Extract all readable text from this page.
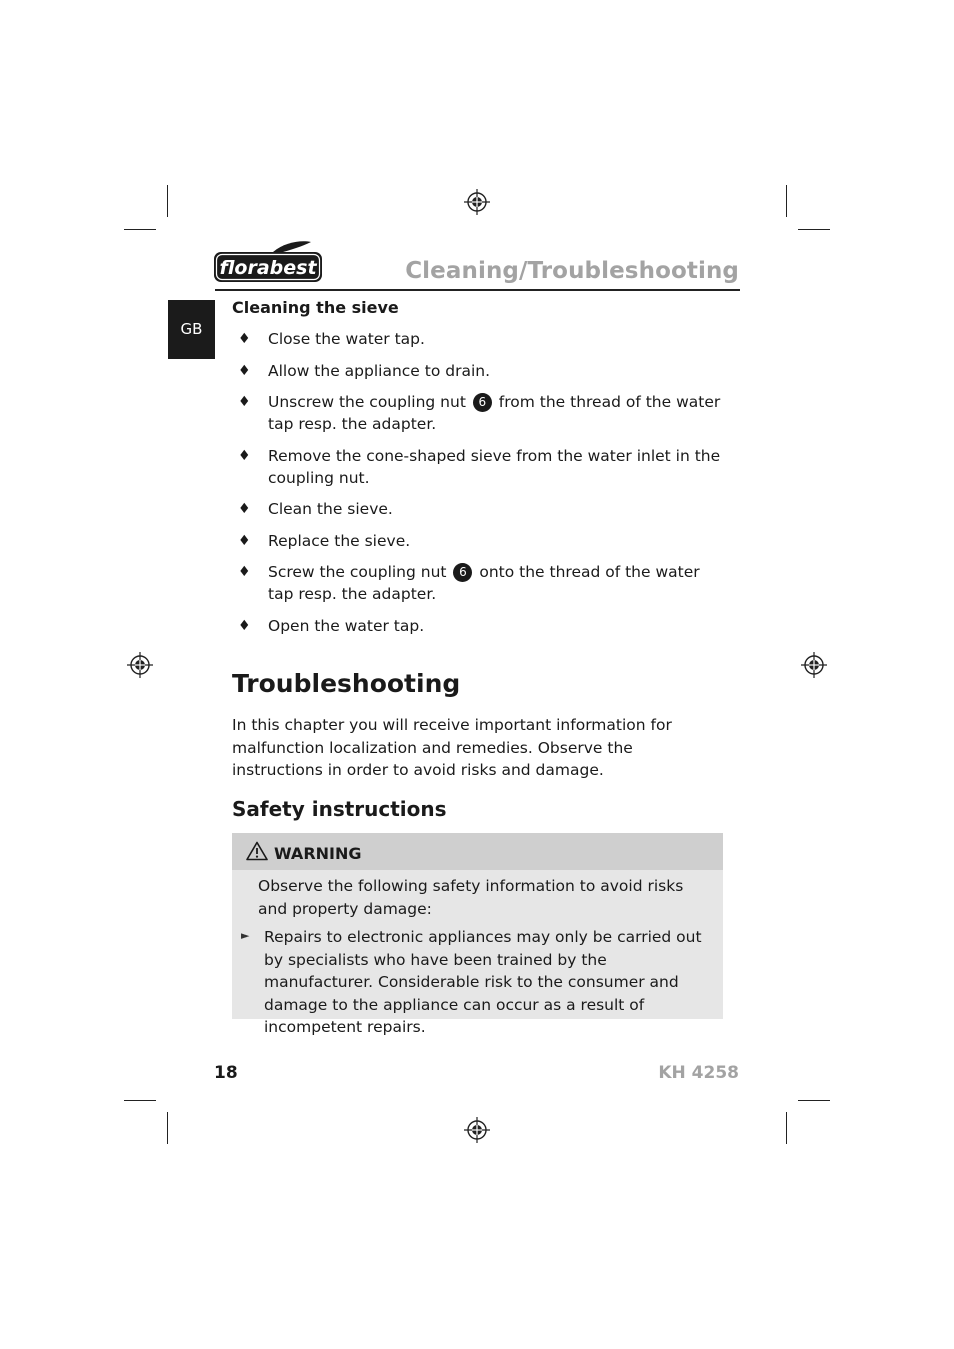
florabest	Cleaning/Troubleshooting
GB
Cleaning the sieve
♦ Close the water tap.
♦ Allow the appliance to drain.
♦ Unscrew the coupling nut 6 from the thread of the water tap resp. the adapter.
♦ Remove the cone-shaped sieve from the water inlet in the coupling nut.
♦ Clean the sieve.
♦ Replace the sieve.
♦ Screw the coupling nut 6 onto the thread of the water tap resp. the adapter.
♦ Open the water tap.
Troubleshooting
In this chapter you will receive important information for malfunction localization and remedies. Observe the instructions in order to avoid risks and damage.
Safety instructions
WARNING
Observe the following safety information to avoid risks and property damage:
► Repairs to electronic appliances may only be carried out by specialists who have been trained by the manufacturer. Considerable risk to the consumer and damage to the appliance can occur as a result of incompetent repairs.
18	KH 4258
